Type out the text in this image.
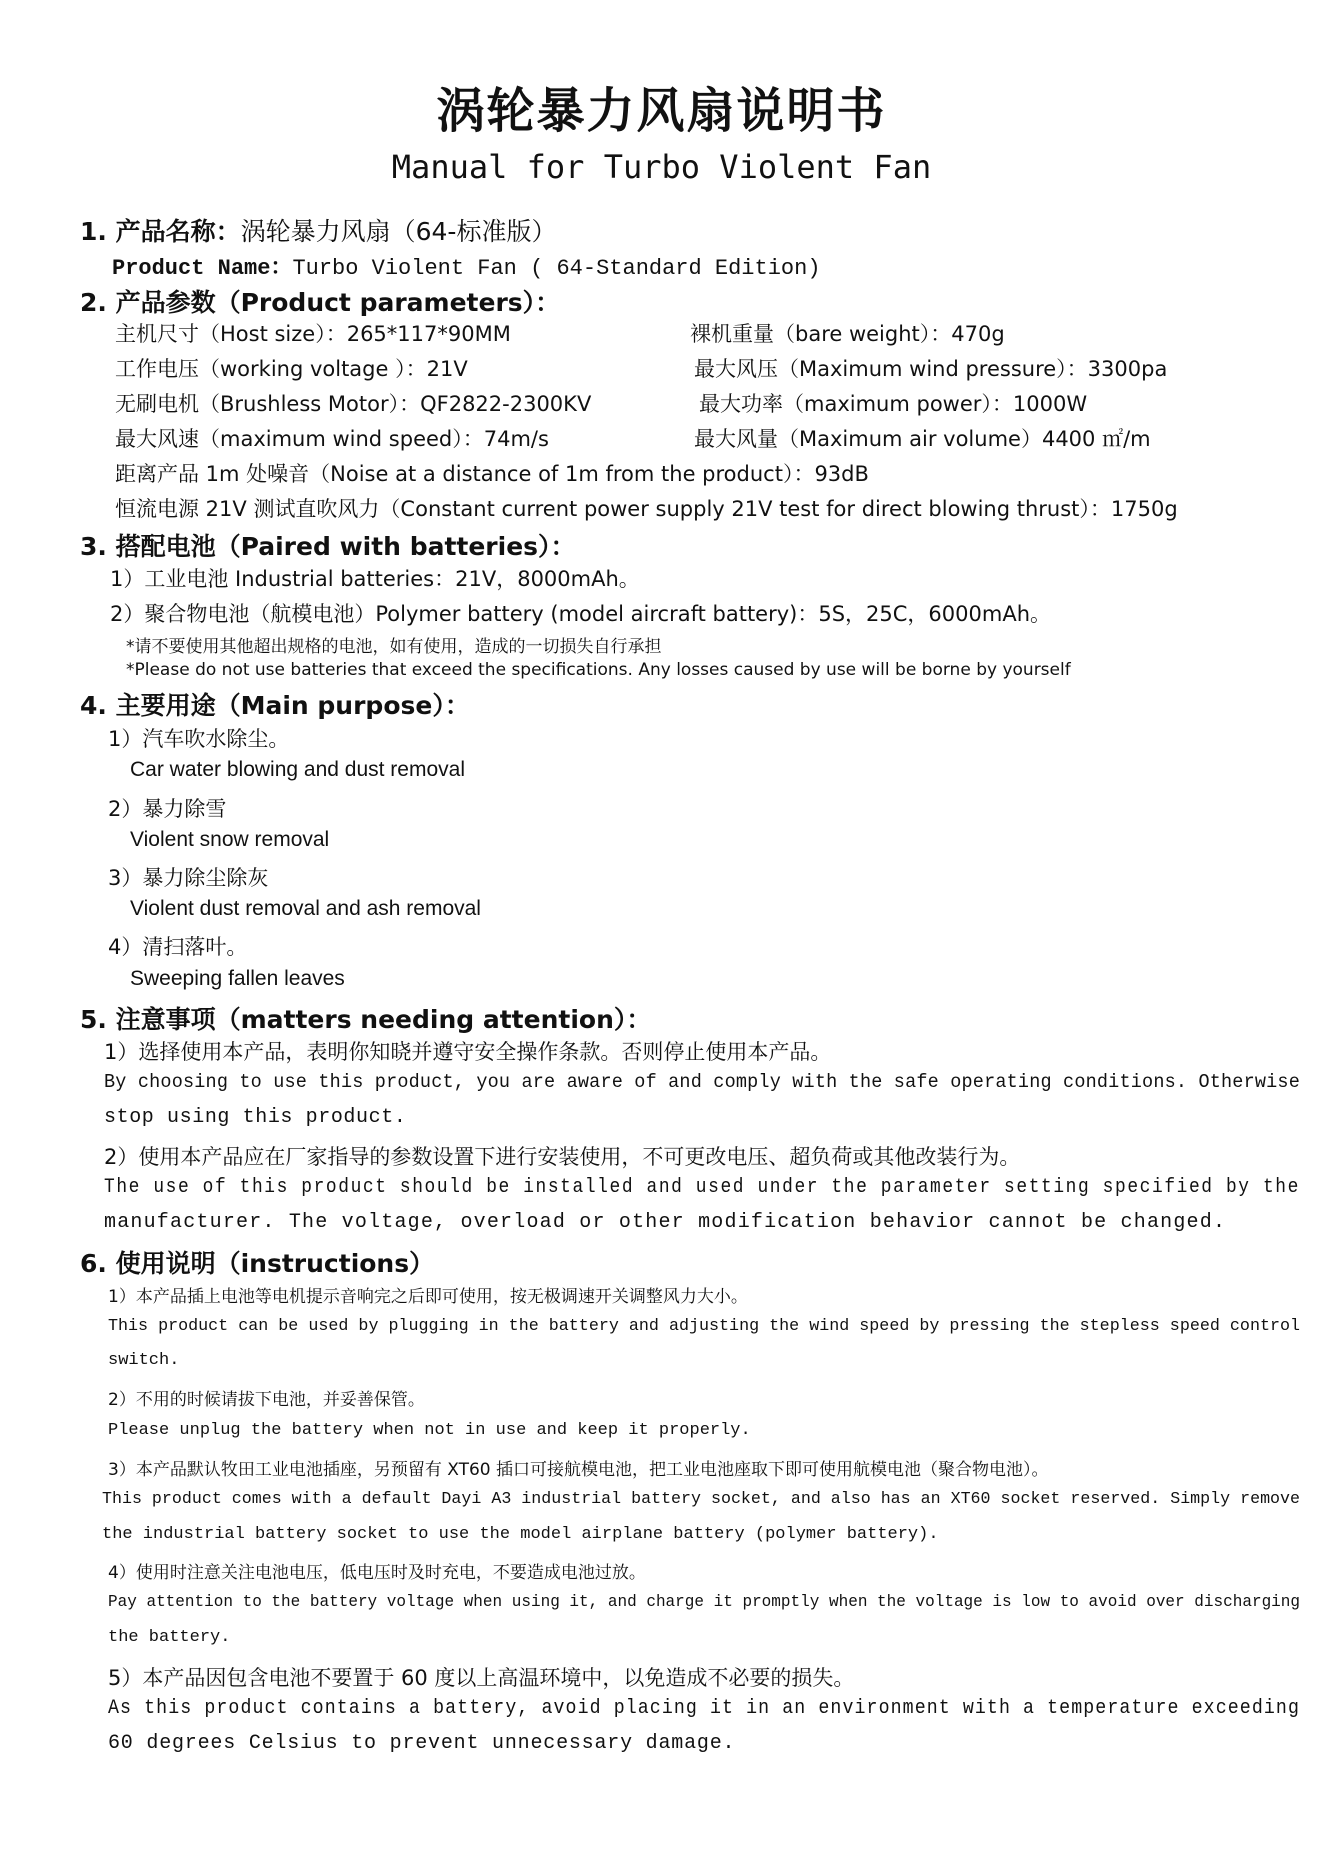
涡轮暴力风扇说明书
Manual for Turbo Violent Fan
1. 产品名称：涡轮暴力风扇（64-标准版）
Product Name：Turbo Violent Fan ( 64-Standard Edition)
2. 产品参数（Product parameters）：
主机尺寸（Host size）：265*117*90MM	裸机重量（bare weight）：470g
工作电压（working voltage ）：21V	最大风压（Maximum wind pressure）：3300pa
无刷电机（Brushless Motor）：QF2822-2300KV	最大功率（maximum power）：1000W
最大风速（maximum wind speed）：74m/s	最大风量（Maximum air volume）4400 ㎡/m
距离产品 1m 处噪音（Noise at a distance of 1m from the product）：93dB
恒流电源 21V 测试直吹风力（Constant current power supply 21V test for direct blowing thrust）：1750g
3. 搭配电池（Paired with batteries）：
1）工业电池 Industrial batteries：21V，8000mAh。
2）聚合物电池（航模电池）Polymer battery (model aircraft battery)：5S，25C，6000mAh。
*请不要使用其他超出规格的电池，如有使用，造成的一切损失自行承担
*Please do not use batteries that exceed the specifications. Any losses caused by use will be borne by yourself
4. 主要用途（Main purpose）：
1）汽车吹水除尘。
Car water blowing and dust removal
2）暴力除雪
Violent snow removal
3）暴力除尘除灰
Violent dust removal and ash removal
4）清扫落叶。
Sweeping fallen leaves
5. 注意事项（matters needing attention）：
1）选择使用本产品，表明你知晓并遵守安全操作条款。否则停止使用本产品。
By choosing to use this product, you are aware of and comply with the safe operating conditions. Otherwise
stop using this product.
2）使用本产品应在厂家指导的参数设置下进行安装使用，不可更改电压、超负荷或其他改装行为。
The use of this product should be installed and used under the parameter setting specified by the
manufacturer. The voltage, overload or other modification behavior cannot be changed.
6. 使用说明（instructions）
1）本产品插上电池等电机提示音响完之后即可使用，按无极调速开关调整风力大小。
This product can be used by plugging in the battery and adjusting the wind speed by pressing the stepless speed control
switch.
2）不用的时候请拔下电池，并妥善保管。
Please unplug the battery when not in use and keep it properly.
3）本产品默认牧田工业电池插座，另预留有 XT60 插口可接航模电池，把工业电池座取下即可使用航模电池（聚合物电池）。
This product comes with a default Dayi A3 industrial battery socket, and also has an XT60 socket reserved. Simply remove
the industrial battery socket to use the model airplane battery (polymer battery).
4）使用时注意关注电池电压，低电压时及时充电，不要造成电池过放。
Pay attention to the battery voltage when using it, and charge it promptly when the voltage is low to avoid over discharging
the battery.
5）本产品因包含电池不要置于 60 度以上高温环境中，以免造成不必要的损失。
As this product contains a battery, avoid placing it in an environment with a temperature exceeding
60 degrees Celsius to prevent unnecessary damage.
